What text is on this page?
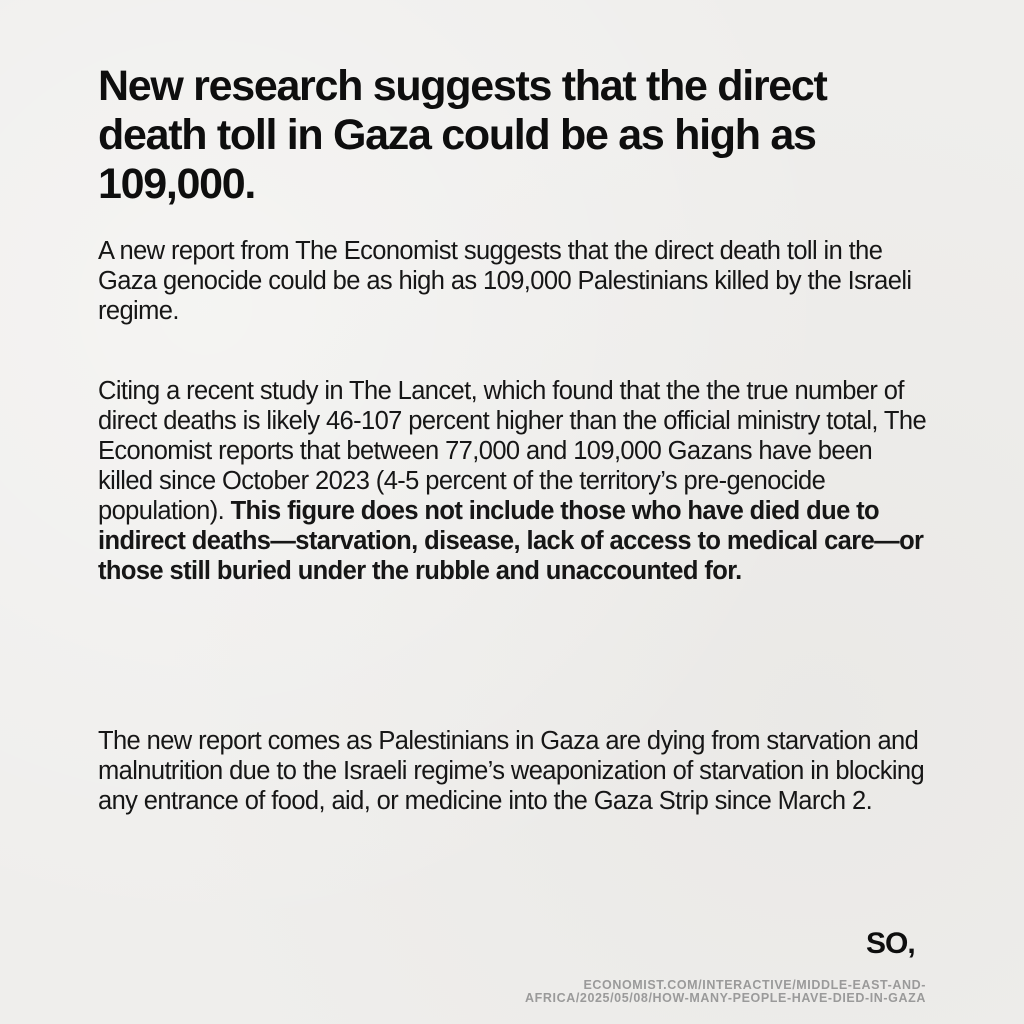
New research suggests that the direct death toll in Gaza could be as high as 109,000.

A new report from The Economist suggests that the direct death toll in the Gaza genocide could be as high as 109,000 Palestinians killed by the Israeli regime.

Citing a recent study in The Lancet, which found that the the true number of direct deaths is likely 46-107 percent higher than the official ministry total, The Economist reports that between 77,000 and 109,000 Gazans have been killed since October 2023 (4-5 percent of the territory’s pre-genocide population). This figure does not include those who have died due to indirect deaths—starvation, disease, lack of access to medical care—or those still buried under the rubble and unaccounted for.

The new report comes as Palestinians in Gaza are dying from starvation and malnutrition due to the Israeli regime’s weaponization of starvation in blocking any entrance of food, aid, or medicine into the Gaza Strip since March 2.

SO,
ECONOMIST.COM/INTERACTIVE/MIDDLE-EAST-AND-
AFRICA/2025/05/08/HOW-MANY-PEOPLE-HAVE-DIED-IN-GAZA
